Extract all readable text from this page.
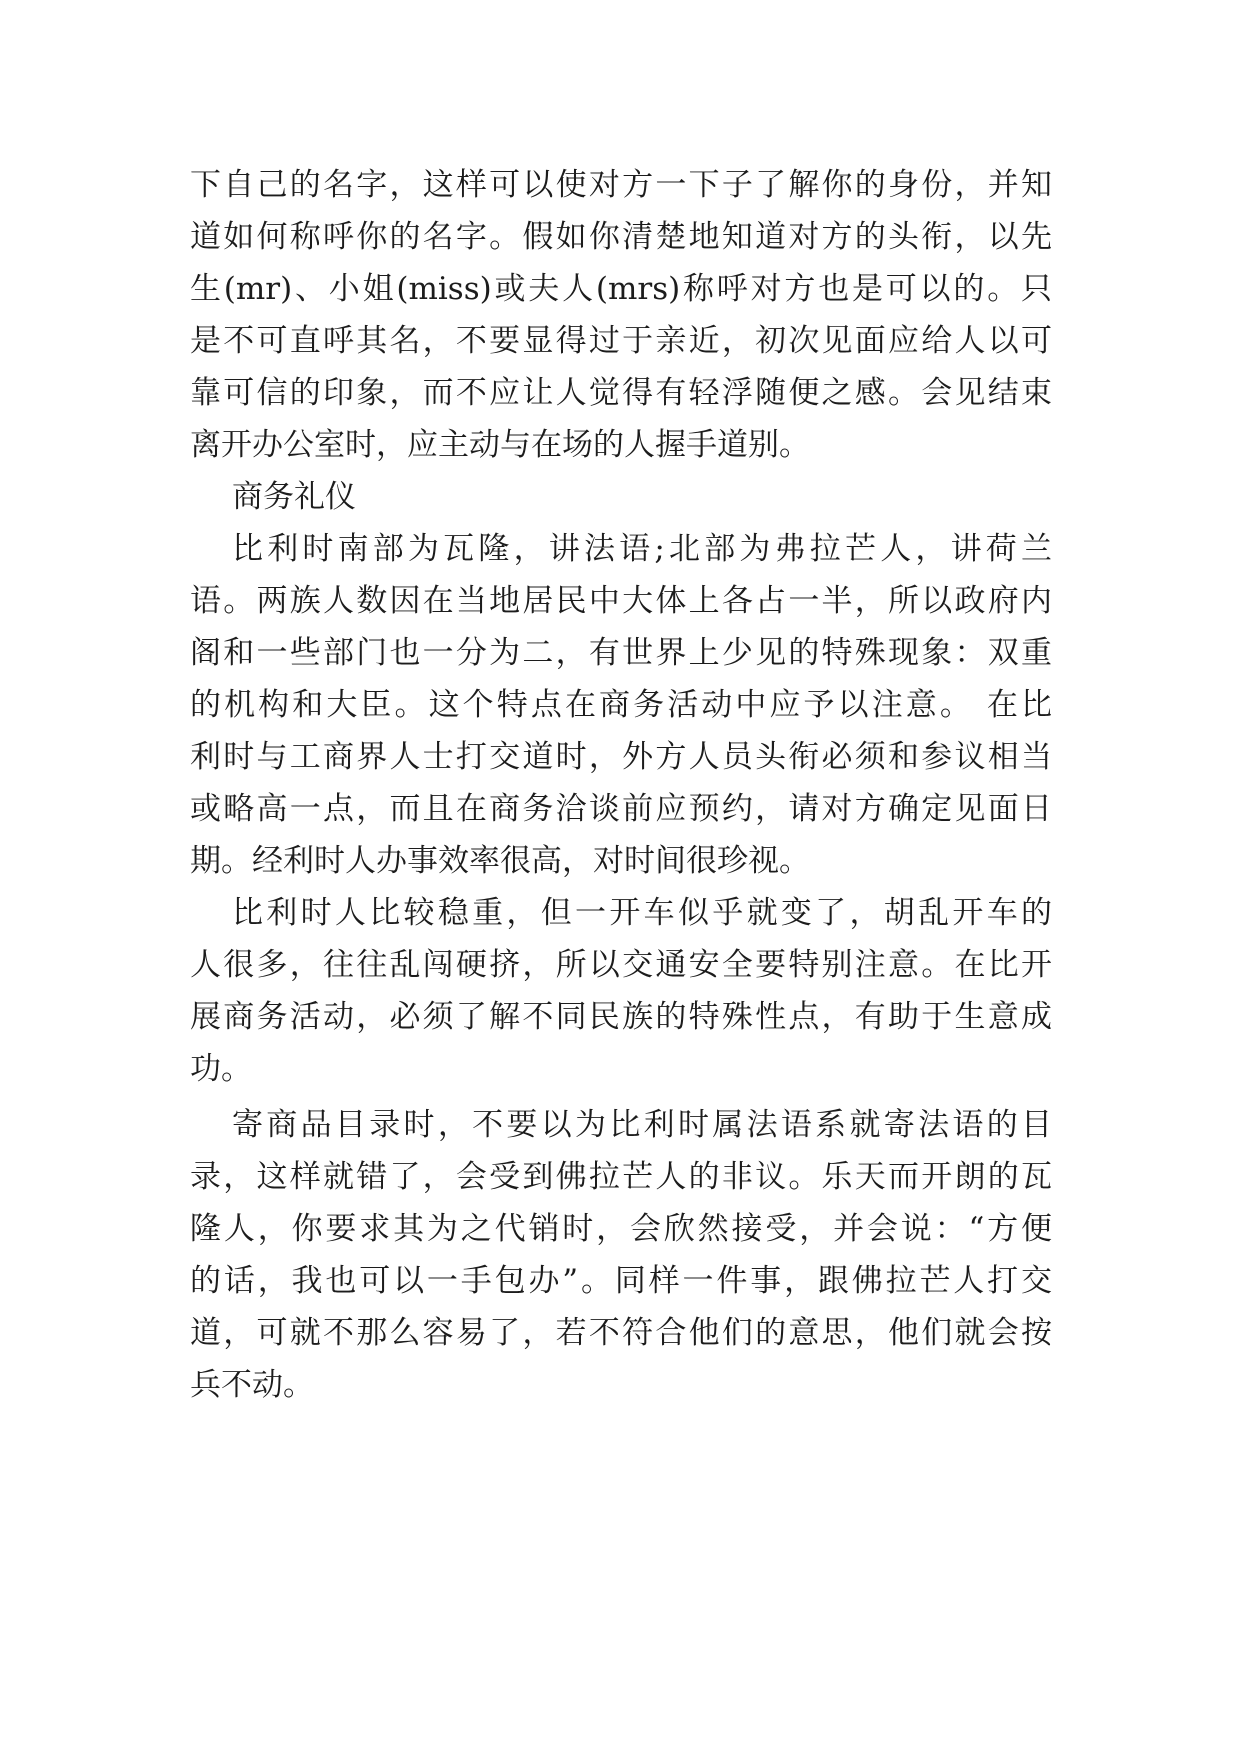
下自己的名字，这样可以使对方一下子了解你的身份，并知
道如何称呼你的名字。假如你清楚地知道对方的头衔，以先
生(mr)、小姐(miss)或夫人(mrs)称呼对方也是可以的。只
是不可直呼其名，不要显得过于亲近，初次见面应给人以可
靠可信的印象，而不应让人觉得有轻浮随便之感。会见结束
离开办公室时，应主动与在场的人握手道别。
商务礼仪
比利时南部为瓦隆，讲法语;北部为弗拉芒人，讲荷兰
语。两族人数因在当地居民中大体上各占一半，所以政府内
阁和一些部门也一分为二，有世界上少见的特殊现象：双重
的机构和大臣。这个特点在商务活动中应予以注意。 在比
利时与工商界人士打交道时，外方人员头衔必须和参议相当
或略高一点，而且在商务洽谈前应预约，请对方确定见面日
期。经利时人办事效率很高，对时间很珍视。
比利时人比较稳重，但一开车似乎就变了，胡乱开车的
人很多，往往乱闯硬挤，所以交通安全要特别注意。在比开
展商务活动，必须了解不同民族的特殊性点，有助于生意成
功。
寄商品目录时，不要以为比利时属法语系就寄法语的目
录，这样就错了，会受到佛拉芒人的非议。乐天而开朗的瓦
隆人，你要求其为之代销时，会欣然接受，并会说：“方便
的话，我也可以一手包办”。同样一件事，跟佛拉芒人打交
道，可就不那么容易了，若不符合他们的意思，他们就会按
兵不动。
